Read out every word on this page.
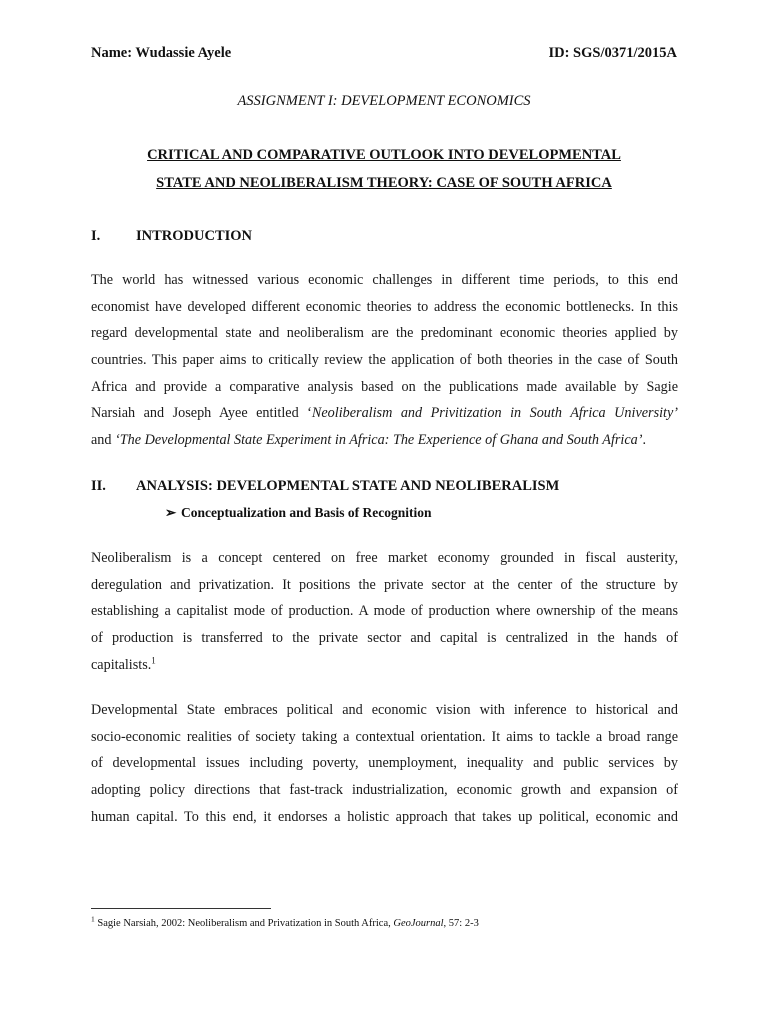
Name: Wudassie Ayele	ID: SGS/0371/2015A
ASSIGNMENT I: DEVELOPMENT ECONOMICS
CRITICAL AND COMPARATIVE OUTLOOK INTO DEVELOPMENTAL
STATE AND NEOLIBERALISM THEORY: CASE OF SOUTH AFRICA
I. INTRODUCTION
The world has witnessed various economic challenges in different time periods, to this end
economist have developed different economic theories to address the economic bottlenecks. In this
regard developmental state and neoliberalism are the predominant economic theories applied by
countries. This paper aims to critically review the application of both theories in the case of South
Africa and provide a comparative analysis based on the publications made available by Sagie
Narsiah and Joseph Ayee entitled ‘Neoliberalism and Privitization in South Africa University’
and ‘The Developmental State Experiment in Africa: The Experience of Ghana and South Africa’.
II. ANALYSIS: DEVELOPMENTAL STATE AND NEOLIBERALISM
➢ Conceptualization and Basis of Recognition
Neoliberalism is a concept centered on free market economy grounded in fiscal austerity,
deregulation and privatization. It positions the private sector at the center of the structure by
establishing a capitalist mode of production. A mode of production where ownership of the means
of production is transferred to the private sector and capital is centralized in the hands of
capitalists.$^1$
Developmental State embraces political and economic vision with inference to historical and
socio-economic realities of society taking a contextual orientation. It aims to tackle a broad range
of developmental issues including poverty, unemployment, inequality and public services by
adopting policy directions that fast-track industrialization, economic growth and expansion of
human capital. To this end, it endorses a holistic approach that takes up political, economic and
$^1$ Sagie Narsiah, 2002: Neoliberalism and Privatization in South Africa, GeoJournal, 57: 2-3
